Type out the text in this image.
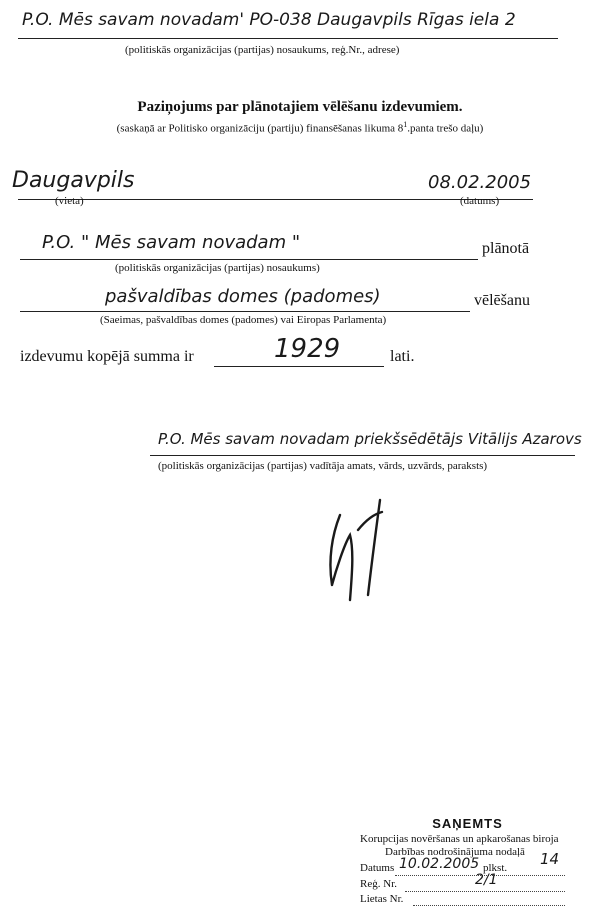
P.O. Mēs savam novadam' PO-038 Daugavpils Rīgas iela 2
(politiskās organizācijas (partijas) nosaukums, reģ.Nr., adrese)
Paziņojums par plānotajiem vēlēšanu izdevumiem.
(saskaņā ar Politisko organizāciju (partiju) finansēšanas likuma $8^1.panta$ trešo daļu)
Daugavpils
(vieta)
08.02.2005
(datums)
P.O. " Mēs savam novadam "	plānotā
(politiskās organizācijas (partijas) nosaukums)
pašvaldības domes (padomes)	vēlēšanu
(Saeimas, pašvaldības domes (padomes) vai Eiropas Parlamenta)
izdevumu kopējā summa ir	1929	lati.
P.O. Mēs savam novadam priekšsēdētājs Vitālijs Azarovs
(politiskās organizācijas (partijas) vadītāja amats, vārds, uzvārds, paraksts)
SAŅEMTS
Korupcijas novēršanas un apkarošanas biroja
Darbības nodrošinājuma nodaļā
Datums 10.02.2005 plkst. 14
Reģ. Nr.	2/1
Lietas Nr.
